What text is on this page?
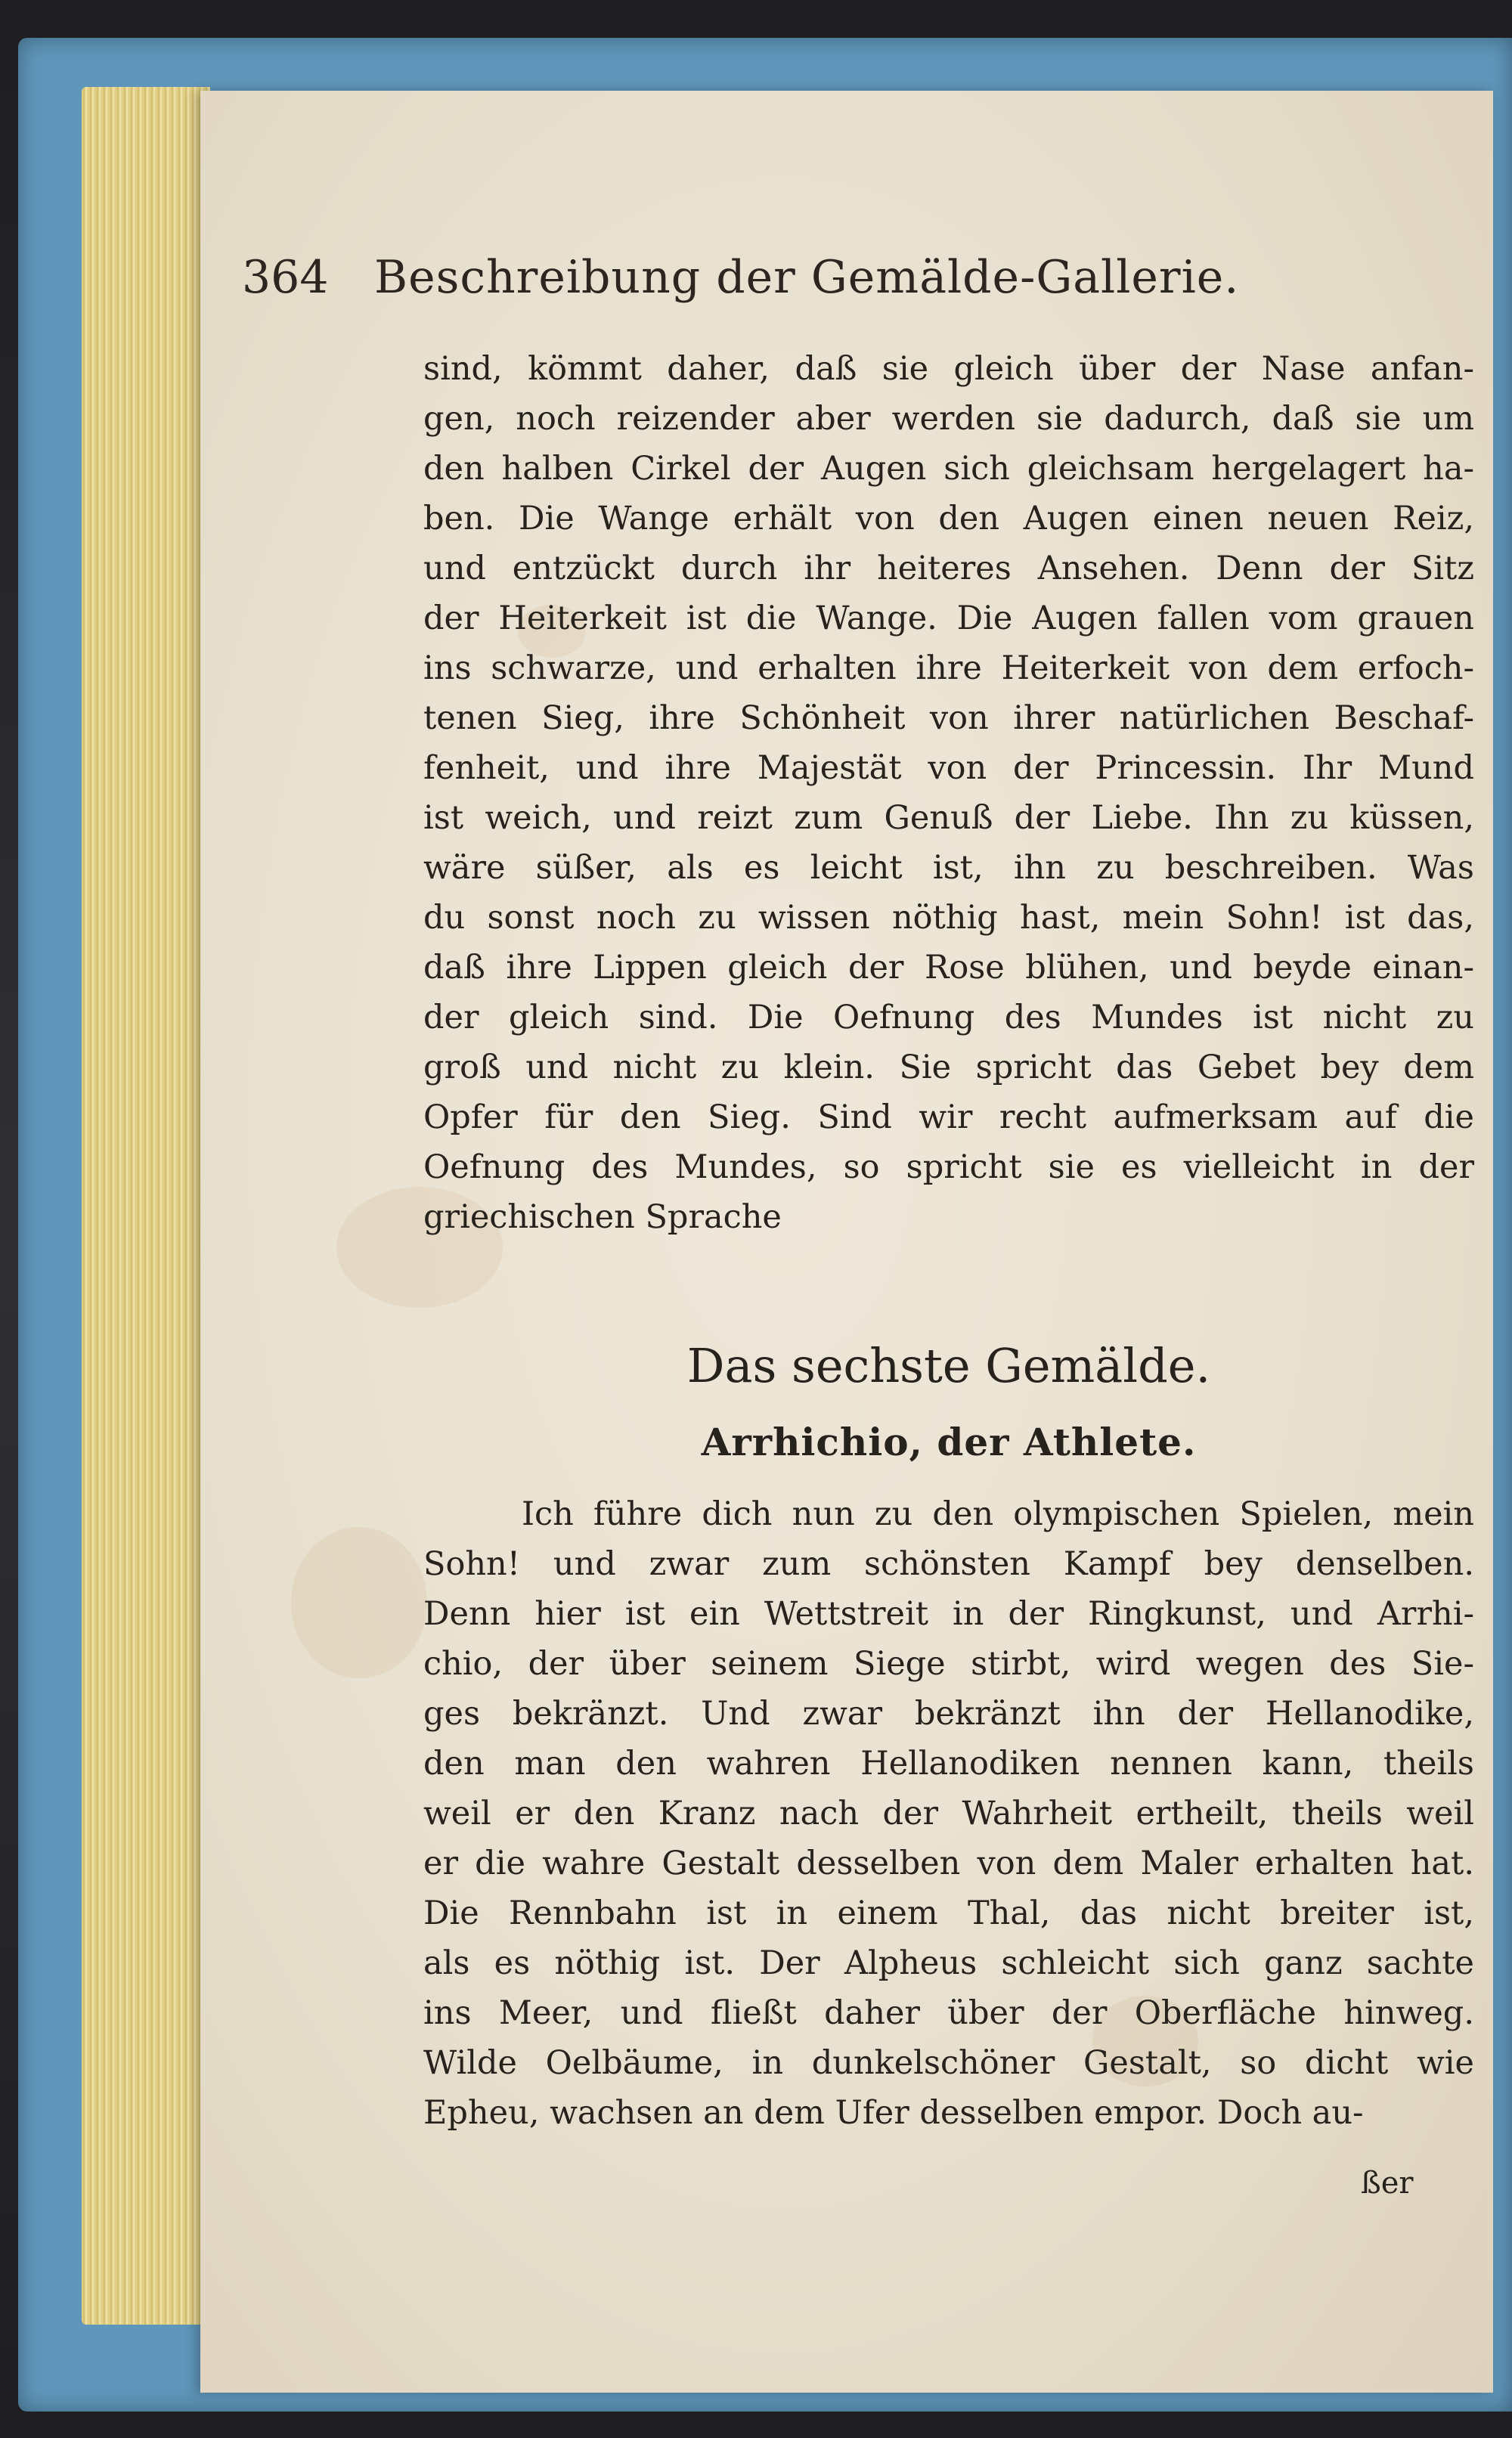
364 Beschreibung der Gemälde-Gallerie.
sind, kömmt daher, daß sie gleich über der Nase anfan-
gen, noch reizender aber werden sie dadurch, daß sie um
den halben Cirkel der Augen sich gleichsam hergelagert ha-
ben. Die Wange erhält von den Augen einen neuen Reiz,
und entzückt durch ihr heiteres Ansehen. Denn der Sitz
der Heiterkeit ist die Wange. Die Augen fallen vom grauen
ins schwarze, und erhalten ihre Heiterkeit von dem erfoch-
tenen Sieg, ihre Schönheit von ihrer natürlichen Beschaf-
fenheit, und ihre Majestät von der Princessin. Ihr Mund
ist weich, und reizt zum Genuß der Liebe. Ihn zu küssen,
wäre süßer, als es leicht ist, ihn zu beschreiben. Was
du sonst noch zu wissen nöthig hast, mein Sohn! ist das,
daß ihre Lippen gleich der Rose blühen, und beyde einan-
der gleich sind. Die Oefnung des Mundes ist nicht zu
groß und nicht zu klein. Sie spricht das Gebet bey dem
Opfer für den Sieg. Sind wir recht aufmerksam auf die
Oefnung des Mundes, so spricht sie es vielleicht in der
griechischen Sprache
Das sechste Gemälde.
Arrhichio, der Athlete.
Ich führe dich nun zu den olympischen Spielen, mein
Sohn! und zwar zum schönsten Kampf bey denselben.
Denn hier ist ein Wettstreit in der Ringkunst, und Arrhi-
chio, der über seinem Siege stirbt, wird wegen des Sie-
ges bekränzt. Und zwar bekränzt ihn der Hellanodike,
den man den wahren Hellanodiken nennen kann, theils
weil er den Kranz nach der Wahrheit ertheilt, theils weil
er die wahre Gestalt desselben von dem Maler erhalten hat.
Die Rennbahn ist in einem Thal, das nicht breiter ist,
als es nöthig ist. Der Alpheus schleicht sich ganz sachte
ins Meer, und fließt daher über der Oberfläche hinweg.
Wilde Oelbäume, in dunkelschöner Gestalt, so dicht wie
Epheu, wachsen an dem Ufer desselben empor. Doch au-
ßer
